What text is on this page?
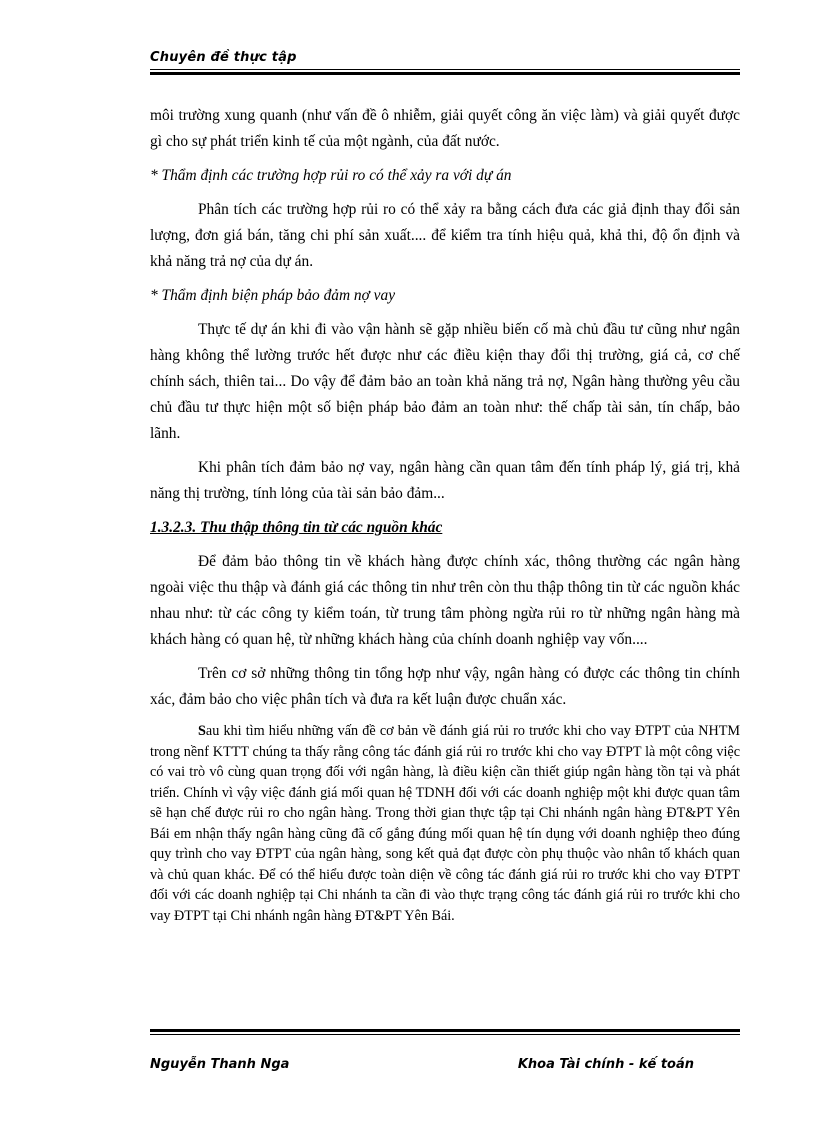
Chuyên đề thực tập

môi trường xung quanh (như vấn đề ô nhiễm, giải quyết công ăn việc làm) và giải quyết được gì cho sự phát triển kinh tế của một ngành, của đất nước.

* Thẩm định các trường hợp rủi ro có thể xảy ra với dự án

Phân tích các trường hợp rủi ro có thể xảy ra bằng cách đưa các giả định thay đổi sản lượng, đơn giá bán, tăng chi phí sản xuất.... để kiểm tra tính hiệu quả, khả thi, độ ổn định và khả năng trả nợ của dự án.

* Thẩm định biện pháp bảo đảm nợ vay

Thực tế dự án khi đi vào vận hành sẽ gặp nhiều biến cố mà chủ đầu tư cũng như ngân hàng không thể lường trước hết được như các điều kiện thay đổi thị trường, giá cả, cơ chế chính sách, thiên tai... Do vậy để đảm bảo an toàn khả năng trả nợ, Ngân hàng thường yêu cầu chủ đầu tư thực hiện một số biện pháp bảo đảm an toàn như: thế chấp tài sản, tín chấp, bảo lãnh.

Khi phân tích đảm bảo nợ vay, ngân hàng cần quan tâm đến tính pháp lý, giá trị, khả năng thị trường, tính lỏng của tài sản bảo đảm...

1.3.2.3. Thu thập thông tin từ các nguồn khác

Để đảm bảo thông tin về khách hàng được chính xác, thông thường các ngân hàng ngoài việc thu thập và đánh giá các thông tin như trên còn thu thập thông tin từ các nguồn khác nhau như: từ các công ty kiểm toán, từ trung tâm phòng ngừa rủi ro từ những ngân hàng mà khách hàng có quan hệ, từ những khách hàng của chính doanh nghiệp vay vốn....

Trên cơ sở những thông tin tổng hợp như vậy, ngân hàng có được các thông tin chính xác, đảm bảo cho việc phân tích và đưa ra kết luận được chuẩn xác.

Sau khi tìm hiểu những vấn đề cơ bản về đánh giá rủi ro trước khi cho vay ĐTPT của NHTM trong nềnf KTTT chúng ta thấy rằng công tác đánh giá rủi ro trước khi cho vay ĐTPT là một công việc có vai trò vô cùng quan trọng đối với ngân hàng, là điều kiện cần thiết giúp ngân hàng tồn tại và phát triển. Chính vì vậy việc đánh giá mối quan hệ TDNH đối với các doanh nghiệp một khi được quan tâm sẽ hạn chế được rủi ro cho ngân hàng. Trong thời gian thực tập tại Chi nhánh ngân hàng ĐT&PT Yên Bái em nhận thấy ngân hàng cũng đã cố gắng đúng mối quan hệ tín dụng với doanh nghiệp theo đúng quy trình cho vay ĐTPT của ngân hàng, song kết quả đạt được còn phụ thuộc vào nhân tố khách quan và chủ quan khác. Để có thể hiểu được toàn diện về công tác đánh giá rủi ro trước khi cho vay ĐTPT đối với các doanh nghiệp tại Chi nhánh ta cần đi vào thực trạng công tác đánh giá rủi ro trước khi cho vay ĐTPT tại Chi nhánh ngân hàng ĐT&PT Yên Bái.

Nguyễn Thanh Nga	Khoa Tài chính - kế toán
